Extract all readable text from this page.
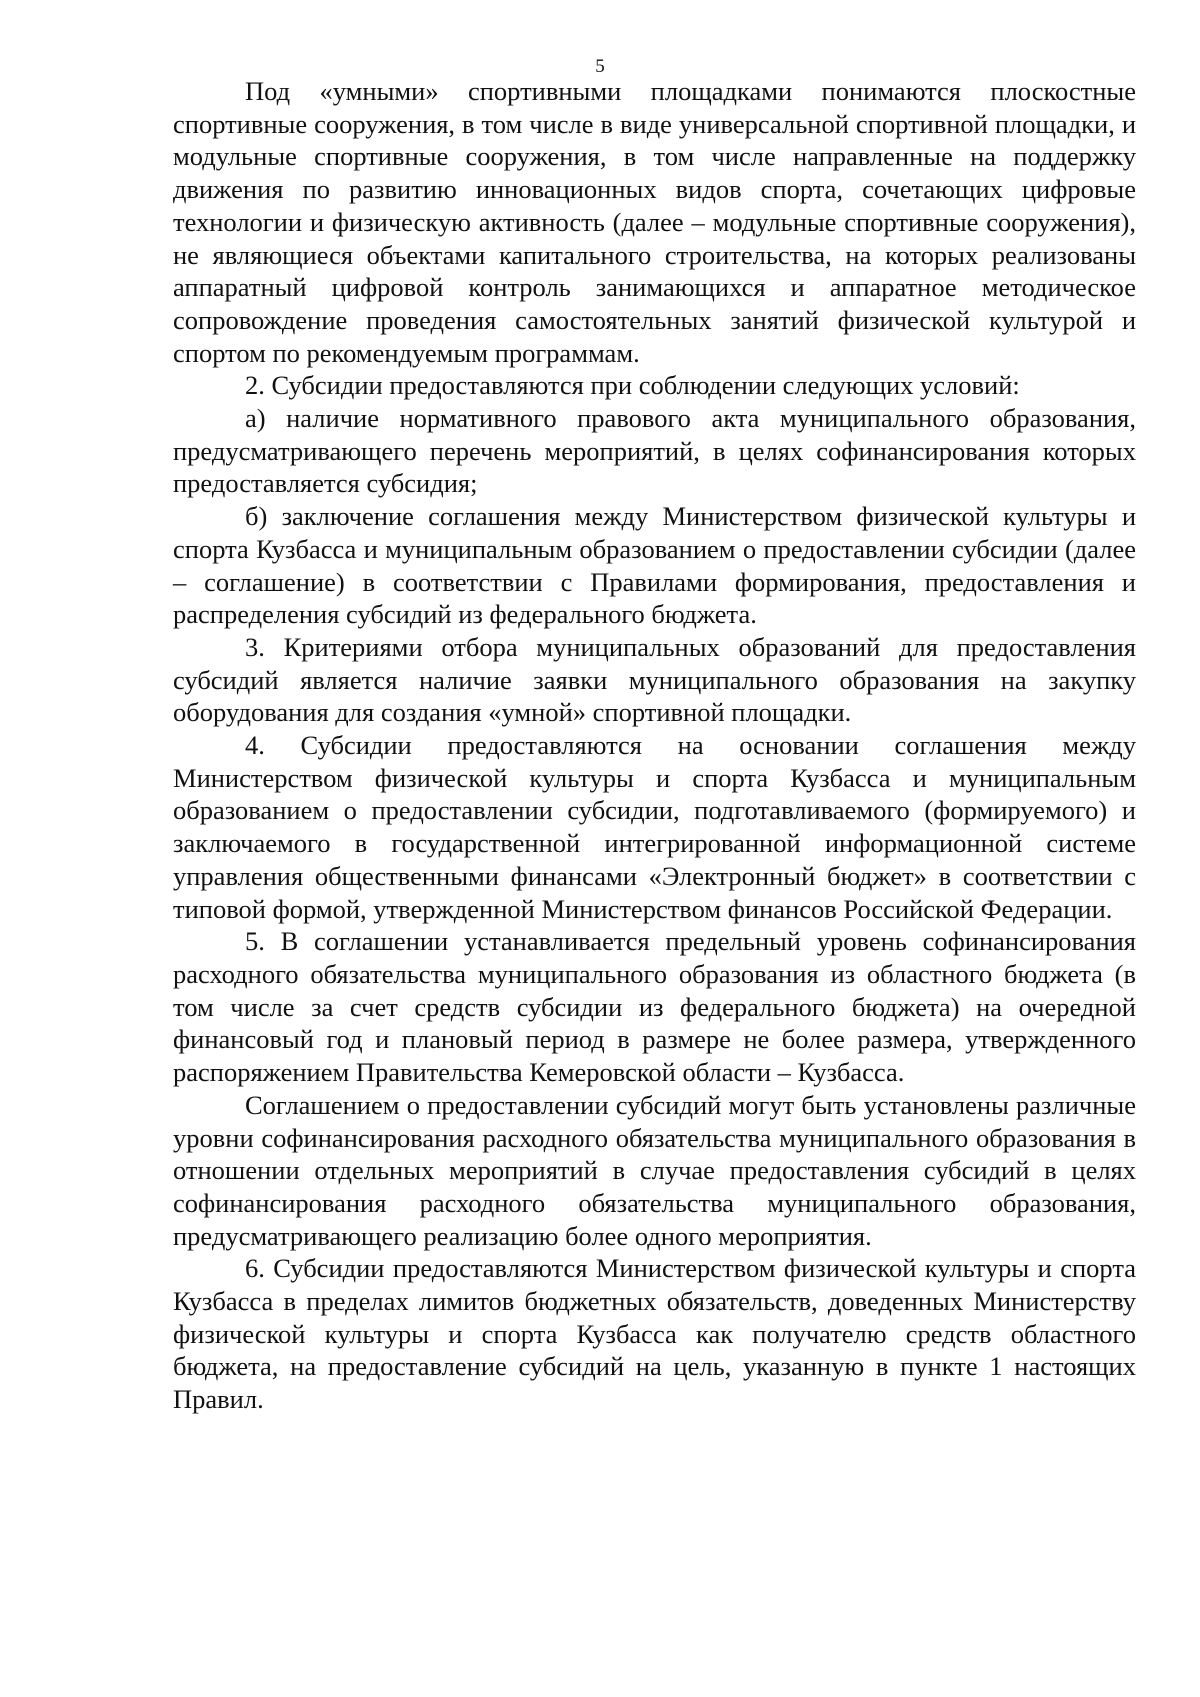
5

Под «умными» спортивными площадками понимаются плоскостные спортивные сооружения, в том числе в виде универсальной спортивной площадки, и модульные спортивные сооружения, в том числе направленные на поддержку движения по развитию инновационных видов спорта, сочетающих цифровые технологии и физическую активность (далее – модульные спортивные сооружения), не являющиеся объектами капитального строительства, на которых реализованы аппаратный цифровой контроль занимающихся и аппаратное методическое сопровождение проведения самостоятельных занятий физической культурой и спортом по рекомендуемым программам.

2. Субсидии предоставляются при соблюдении следующих условий:

а) наличие нормативного правового акта муниципального образования, предусматривающего перечень мероприятий, в целях софинансирования которых предоставляется субсидия;

б) заключение соглашения между Министерством физической культуры и спорта Кузбасса и муниципальным образованием о предоставлении субсидии (далее – соглашение) в соответствии с Правилами формирования, предоставления и распределения субсидий из федерального бюджета.

3. Критериями отбора муниципальных образований для предоставления субсидий является наличие заявки муниципального образования на закупку оборудования для создания «умной» спортивной площадки.

4. Субсидии предоставляются на основании соглашения между Министерством физической культуры и спорта Кузбасса и муниципальным образованием о предоставлении субсидии, подготавливаемого (формируемого) и заключаемого в государственной интегрированной информационной системе управления общественными финансами «Электронный бюджет» в соответствии с типовой формой, утвержденной Министерством финансов Российской Федерации.

5. В соглашении устанавливается предельный уровень софинансирования расходного обязательства муниципального образования из областного бюджета (в том числе за счет средств субсидии из федерального бюджета) на очередной финансовый год и плановый период в размере не более размера, утвержденного распоряжением Правительства Кемеровской области – Кузбасса.

Соглашением о предоставлении субсидий могут быть установлены различные уровни софинансирования расходного обязательства муниципального образования в отношении отдельных мероприятий в случае предоставления субсидий в целях софинансирования расходного обязательства муниципального образования, предусматривающего реализацию более одного мероприятия.

6. Субсидии предоставляются Министерством физической культуры и спорта Кузбасса в пределах лимитов бюджетных обязательств, доведенных Министерству физической культуры и спорта Кузбасса как получателю средств областного бюджета, на предоставление субсидий на цель, указанную в пункте 1 настоящих Правил.
